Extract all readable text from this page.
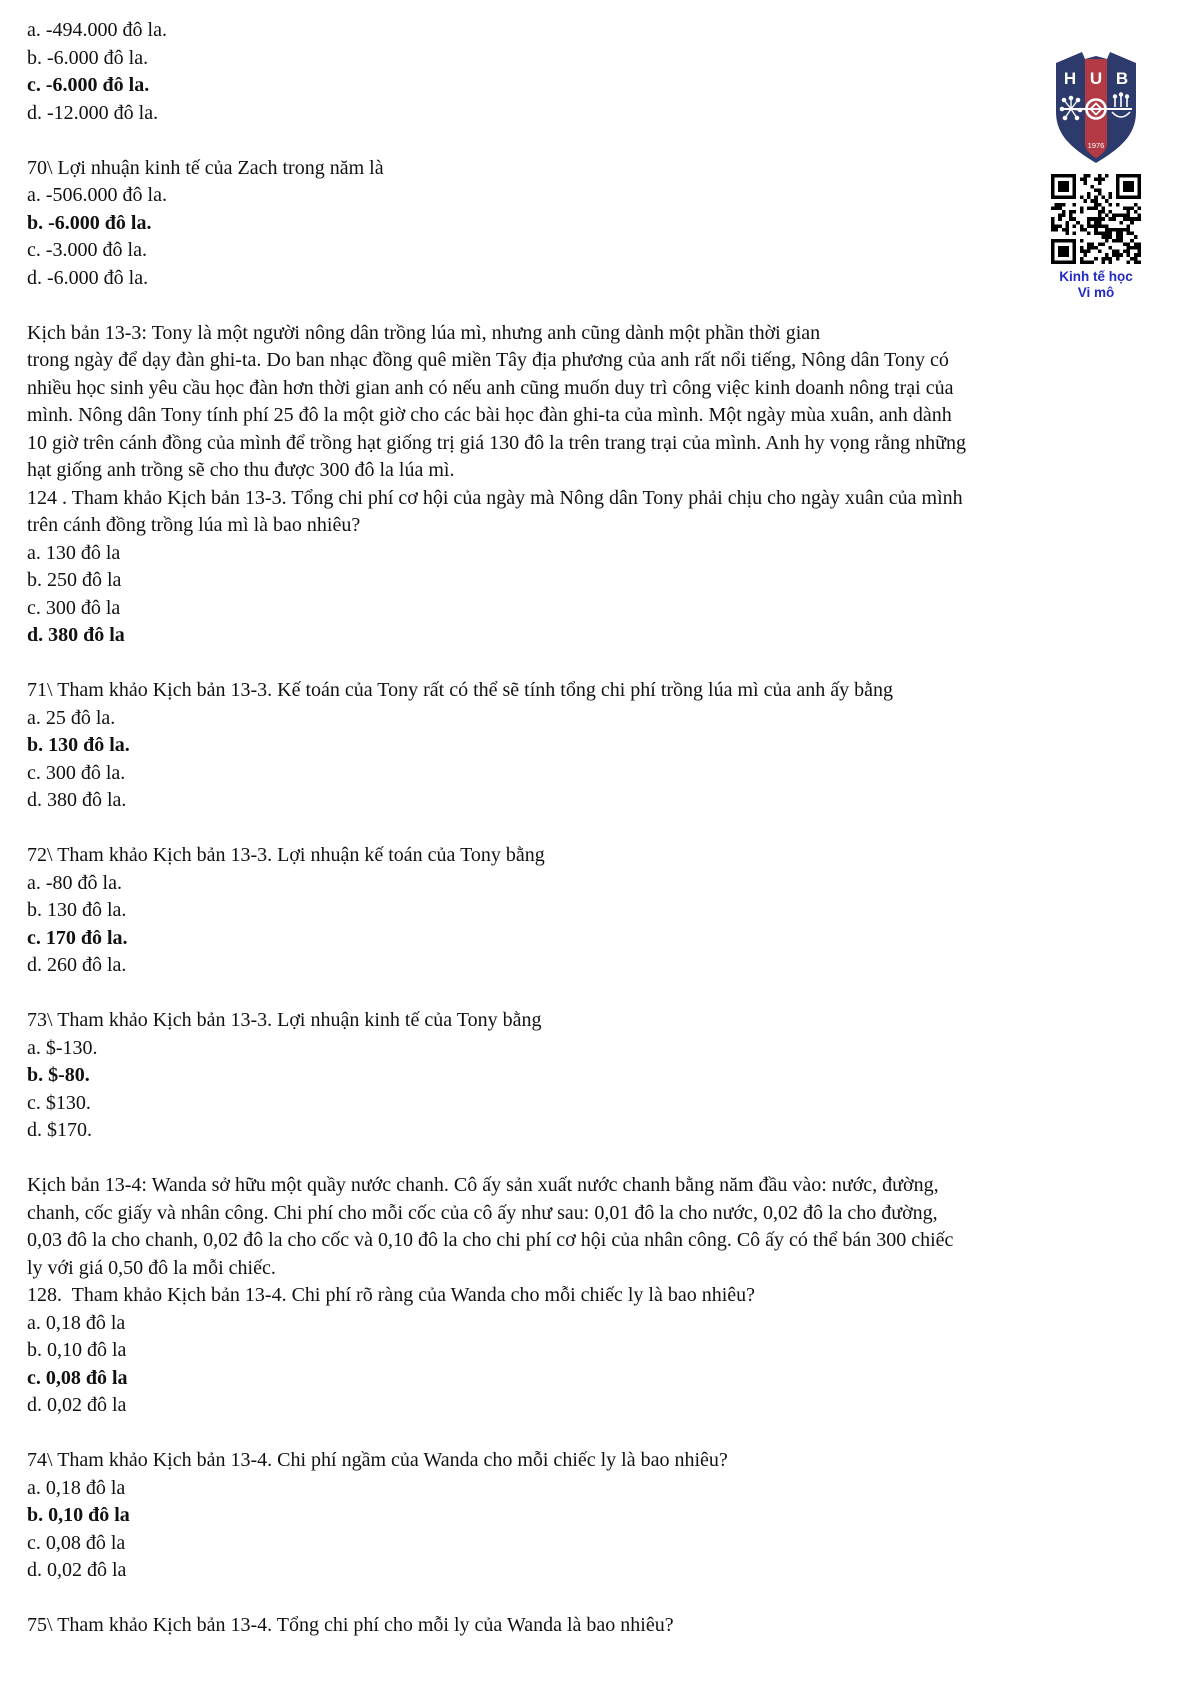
a. -494.000 đô la.
b. -6.000 đô la.
c. -6.000 đô la.
d. -12.000 đô la.

70\ Lợi nhuận kinh tế của Zach trong năm là
a. -506.000 đô la.
b. -6.000 đô la.
c. -3.000 đô la.
d. -6.000 đô la.

Kịch bản 13-3: Tony là một người nông dân trồng lúa mì, nhưng anh cũng dành một phần thời gian
trong ngày để dạy đàn ghi-ta. Do ban nhạc đồng quê miền Tây địa phương của anh rất nổi tiếng, Nông dân Tony có
nhiều học sinh yêu cầu học đàn hơn thời gian anh có nếu anh cũng muốn duy trì công việc kinh doanh nông trại của
mình. Nông dân Tony tính phí 25 đô la một giờ cho các bài học đàn ghi-ta của mình. Một ngày mùa xuân, anh dành
10 giờ trên cánh đồng của mình để trồng hạt giống trị giá 130 đô la trên trang trại của mình. Anh hy vọng rằng những
hạt giống anh trồng sẽ cho thu được 300 đô la lúa mì.
124 . Tham khảo Kịch bản 13-3. Tổng chi phí cơ hội của ngày mà Nông dân Tony phải chịu cho ngày xuân của mình
trên cánh đồng trồng lúa mì là bao nhiêu?
a. 130 đô la
b. 250 đô la
c. 300 đô la
d. 380 đô la

71\ Tham khảo Kịch bản 13-3. Kế toán của Tony rất có thể sẽ tính tổng chi phí trồng lúa mì của anh ấy bằng
a. 25 đô la.
b. 130 đô la.
c. 300 đô la.
d. 380 đô la.

72\ Tham khảo Kịch bản 13-3. Lợi nhuận kế toán của Tony bằng
a. -80 đô la.
b. 130 đô la.
c. 170 đô la.
d. 260 đô la.

73\ Tham khảo Kịch bản 13-3. Lợi nhuận kinh tế của Tony bằng
a. $-130.
b. $-80.
c. $130.
d. $170.

Kịch bản 13-4: Wanda sở hữu một quầy nước chanh. Cô ấy sản xuất nước chanh bằng năm đầu vào: nước, đường,
chanh, cốc giấy và nhân công. Chi phí cho mỗi cốc của cô ấy như sau: 0,01 đô la cho nước, 0,02 đô la cho đường,
0,03 đô la cho chanh, 0,02 đô la cho cốc và 0,10 đô la cho chi phí cơ hội của nhân công. Cô ấy có thể bán 300 chiếc
ly với giá 0,50 đô la mỗi chiếc.
128.  Tham khảo Kịch bản 13-4. Chi phí rõ ràng của Wanda cho mỗi chiếc ly là bao nhiêu?
a. 0,18 đô la
b. 0,10 đô la
c. 0,08 đô la
d. 0,02 đô la

74\ Tham khảo Kịch bản 13-4. Chi phí ngầm của Wanda cho mỗi chiếc ly là bao nhiêu?
a. 0,18 đô la
b. 0,10 đô la
c. 0,08 đô la
d. 0,02 đô la

75\ Tham khảo Kịch bản 13-4. Tổng chi phí cho mỗi ly của Wanda là bao nhiêu?
H U B
1976
Kinh tế học
Vi mô
